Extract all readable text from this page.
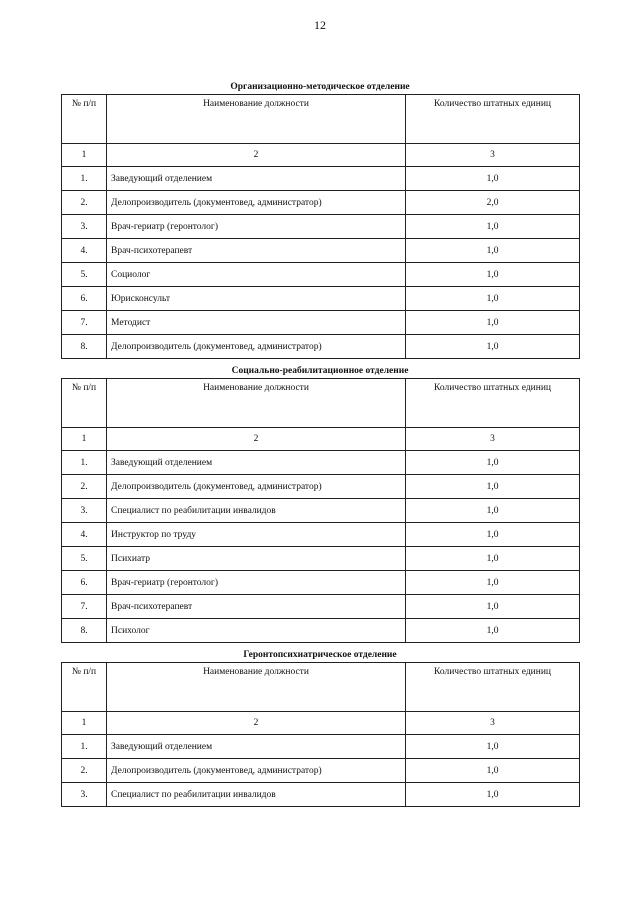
12
Организационно-методическое отделение
№ п/п	Наименование должности	Количество штатных единиц
1	2	3
1.	Заведующий отделением	1,0
2.	Делопроизводитель (документовед, администратор)	2,0
3.	Врач-гериатр (геронтолог)	1,0
4.	Врач-психотерапевт	1,0
5.	Социолог	1,0
6.	Юрисконсульт	1,0
7.	Методист	1,0
8.	Делопроизводитель (документовед, администратор)	1,0
Социально-реабилитационное отделение
№ п/п	Наименование должности	Количество штатных единиц
1	2	3
1.	Заведующий отделением	1,0
2.	Делопроизводитель (документовед, администратор)	1,0
3.	Специалист по реабилитации инвалидов	1,0
4.	Инструктор по труду	1,0
5.	Психиатр	1,0
6.	Врач-гериатр (геронтолог)	1,0
7.	Врач-психотерапевт	1,0
8.	Психолог	1,0
Геронтопсихиатрическое отделение
№ п/п	Наименование должности	Количество штатных единиц
1	2	3
1.	Заведующий отделением	1,0
2.	Делопроизводитель (документовед, администратор)	1,0
3.	Специалист по реабилитации инвалидов	1,0
